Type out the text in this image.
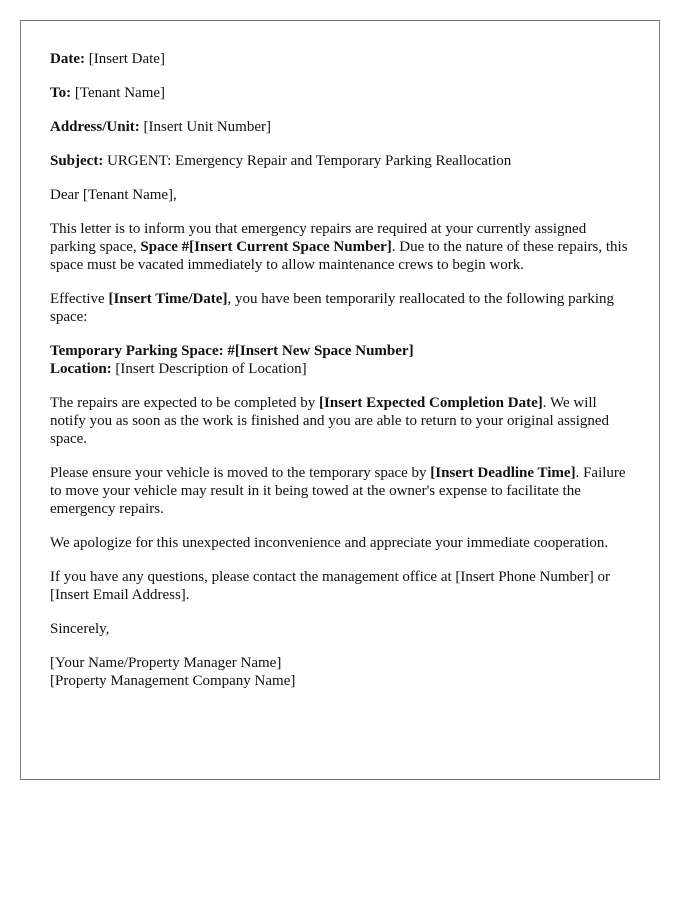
Date: [Insert Date]

To: [Tenant Name]

Address/Unit: [Insert Unit Number]

Subject: URGENT: Emergency Repair and Temporary Parking Reallocation

Dear [Tenant Name],

This letter is to inform you that emergency repairs are required at your currently assigned parking space, Space #[Insert Current Space Number]. Due to the nature of these repairs, this space must be vacated immediately to allow maintenance crews to begin work.

Effective [Insert Time/Date], you have been temporarily reallocated to the following parking space:

Temporary Parking Space: #[Insert New Space Number]

Location: [Insert Description of Location]

The repairs are expected to be completed by [Insert Expected Completion Date]. We will notify you as soon as the work is finished and you are able to return to your original assigned space.

Please ensure your vehicle is moved to the temporary space by [Insert Deadline Time]. Failure to move your vehicle may result in it being towed at the owner's expense to facilitate the emergency repairs.

We apologize for this unexpected inconvenience and appreciate your immediate cooperation.

If you have any questions, please contact the management office at [Insert Phone Number] or [Insert Email Address].

Sincerely,

[Your Name/Property Manager Name]

[Property Management Company Name]
